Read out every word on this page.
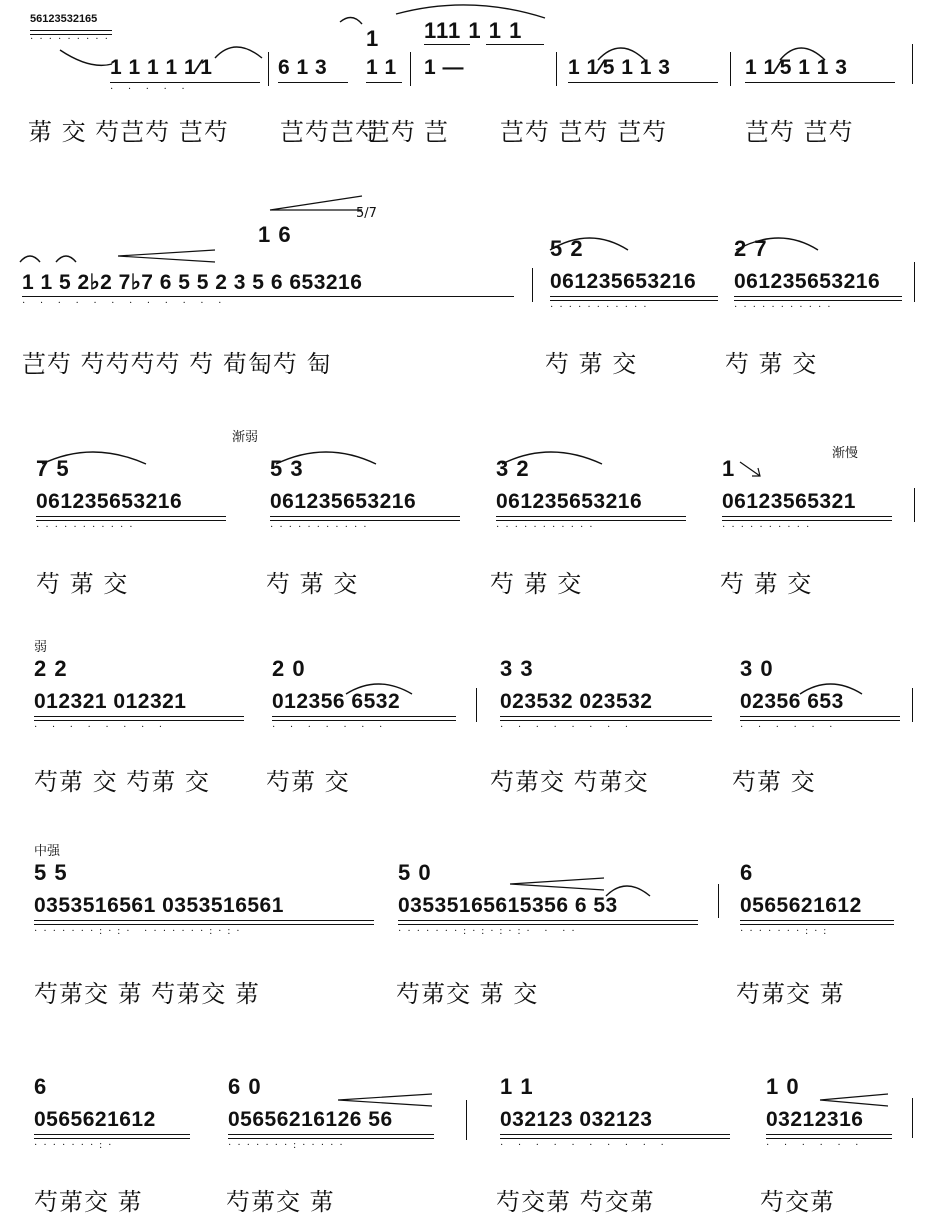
56123532165
·········
1 1 1 1 1⁄1
· · · · ·
6 1 3
1
1 1
111 1 1 1
1 —	1 1⁄5 1 1 3	1 1⁄5 1 1 3
苐 交 芍芑芍 芑芍 芑芍芑芍
芑芍 芑 芑芍 芑芍 芑芍	芑芍 芑芍
5/7
1 6
1 1 5 2♭2 7♭7 6 5 5 2 3 5 6 653216
· · · · · · · · · · · ·
5 2
061235653216
···········
2 7
061235653216
···········
芑芍 芍芍芍芍 芍 荀匋芍 匋	芍 苐 交	芍 苐 交
渐弱
渐慢
7 5
061235653216
···········
5 3
061235653216
···········
3 2
061235653216
···········
1
06123565321
··········
芍 苐 交	芍 苐 交	芍 苐 交	芍 苐 交
弱
2 2
012321 012321
· · · · · · · ·
2 0
012356 6532
· · · · · · ·
3 3
023532 023532
· · · · · · · ·
3 0
02356 653
· · · · · ·
芍苐 交 芍苐 交 芍苐 交	芍苐交 芍苐交	芍苐 交
中强
5 5
0353516561 0353516561
·······:·:· ·······:·:·
5 0
03535165615356 6 53
·······:·:·:·:· · ··
6
0565621612
·······:·:
芍苐交 苐 芍苐交 苐	芍苐交 苐 交	芍苐交 苐
6
0565621612
·······:·
6 0
05656216126 56
·······:·····
1 1
032123 032123
· · · · · · · · · ·
1 0
03212316
· · · · · ·
芍苐交 苐	芍苐交 苐	芍交苐 芍交苐	芍交苐
